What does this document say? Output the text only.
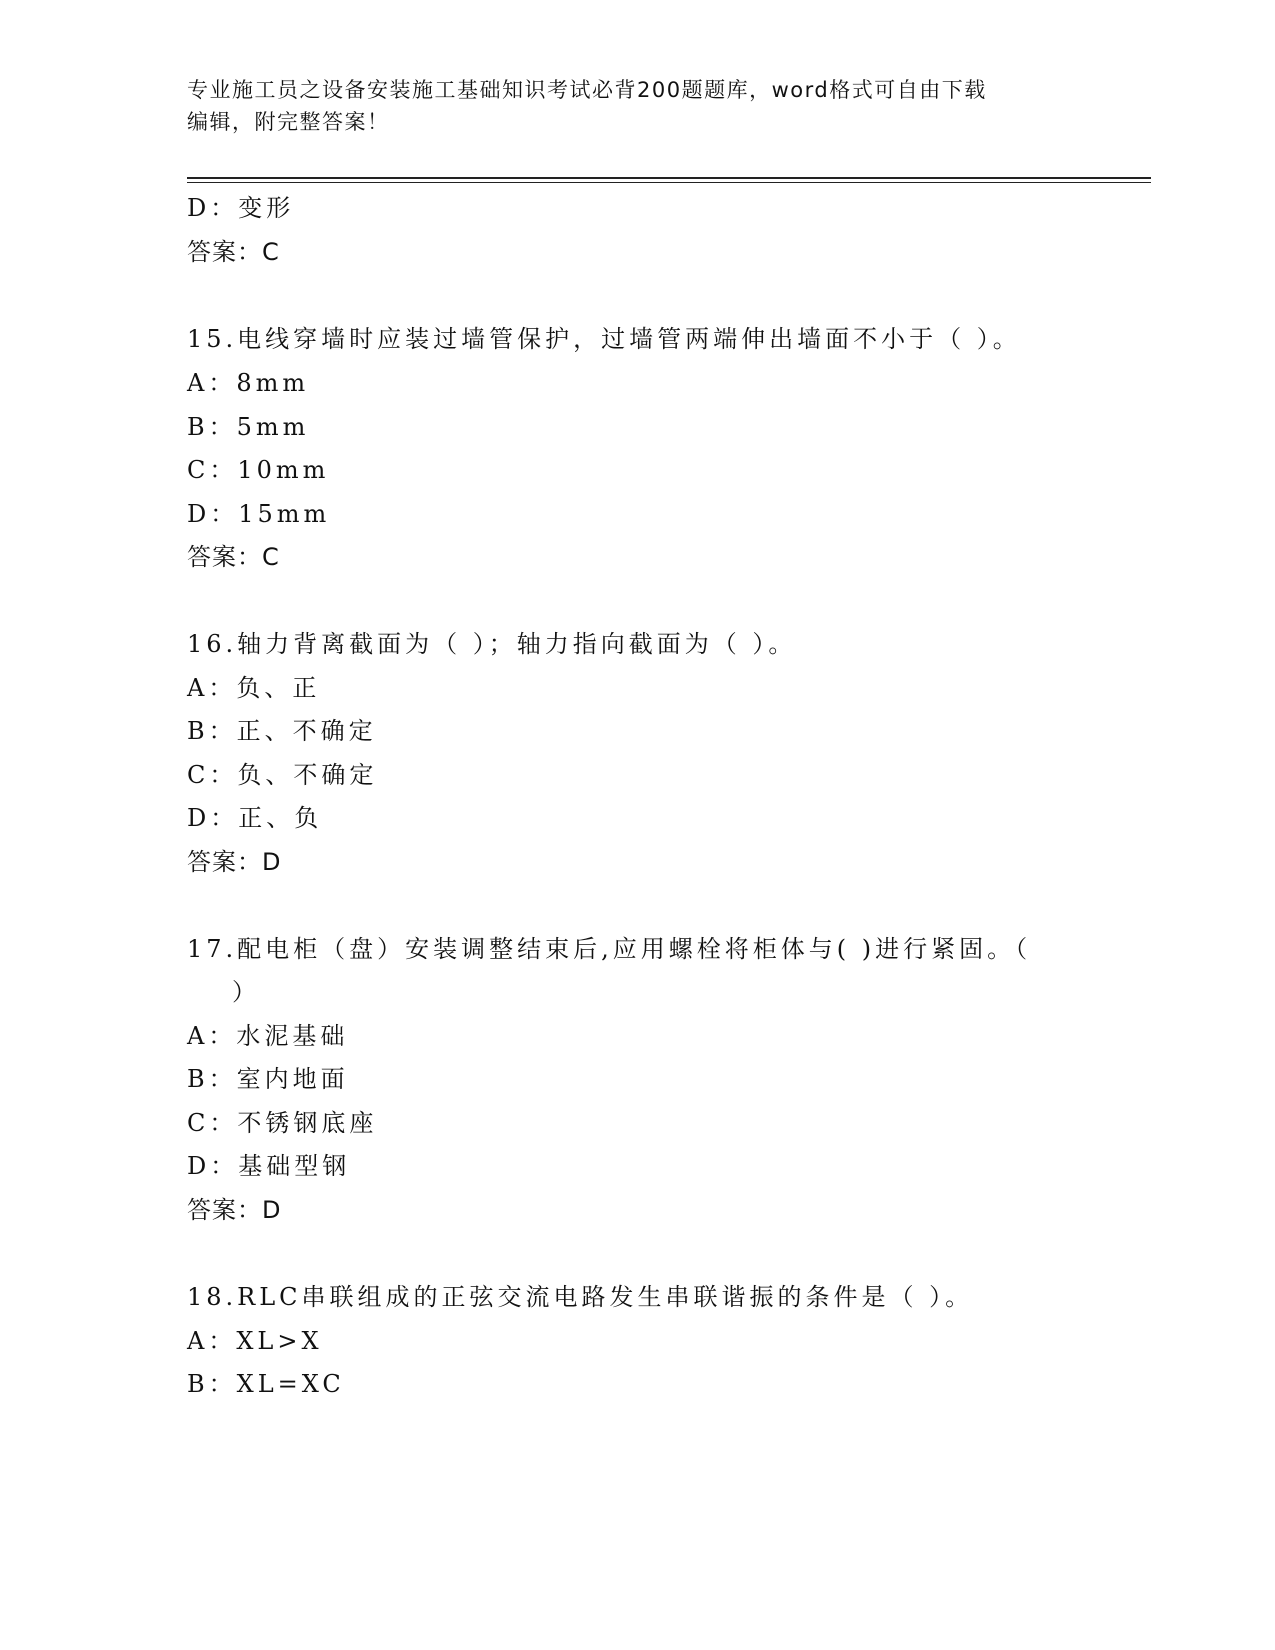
专业施工员之设备安装施工基础知识考试必背200题题库，word格式可自由下载
编辑，附完整答案！
D：变形
答案：C
15.电线穿墙时应装过墙管保护，过墙管两端伸出墙面不小于（ ）。
A：8mm
B：5mm
C：10mm
D：15mm
答案：C
16.轴力背离截面为（ ）；轴力指向截面为（ ）。
A：负、正
B：正、不确定
C：负、不确定
D：正、负
答案：D
17.配电柜（盘）安装调整结束后,应用螺栓将柜体与( )进行紧固。（
）
A：水泥基础
B：室内地面
C：不锈钢底座
D：基础型钢
答案：D
18.RLC串联组成的正弦交流电路发生串联谐振的条件是（ ）。
A：XL>X
B：XL=XC
